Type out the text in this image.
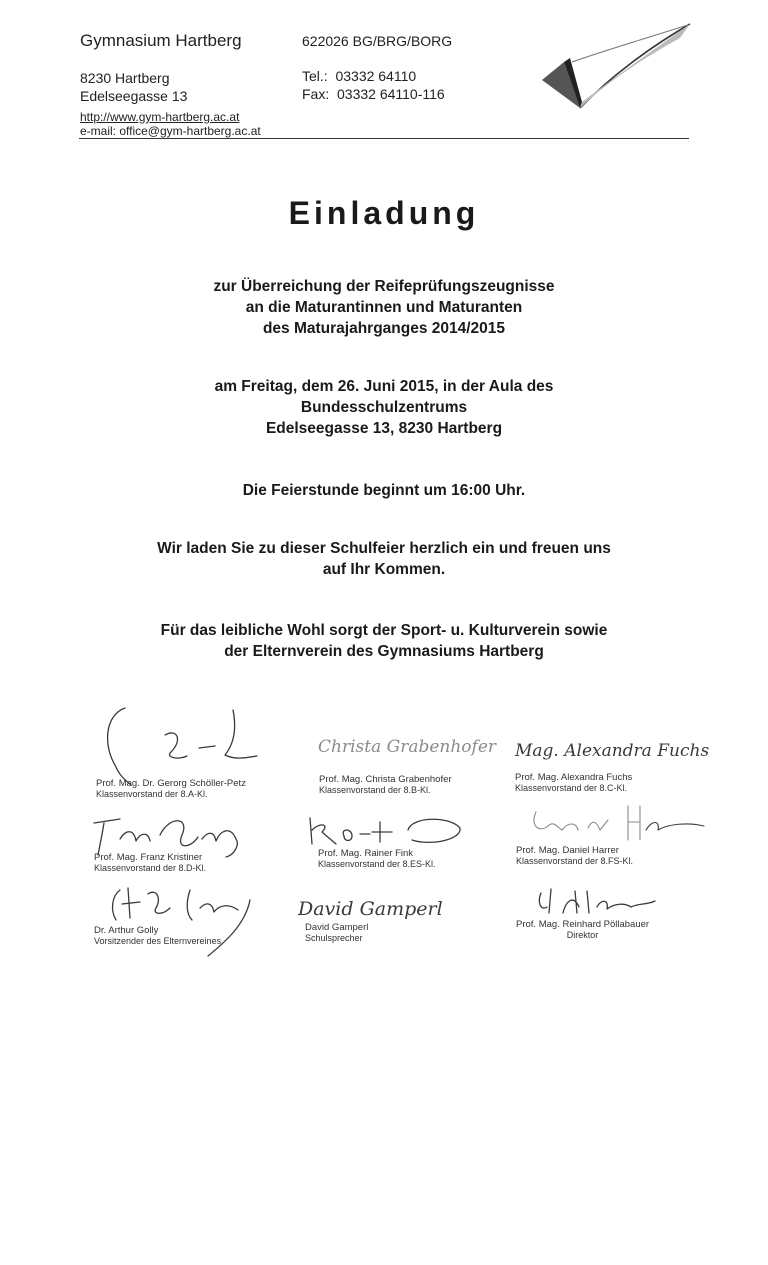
Gymnasium Hartberg	622026 BG/BRG/BORG
8230 Hartberg
Edelseegasse 13
Tel.:  03332 64110
Fax:  03332 64110-116
http://www.gym-hartberg.ac.at
e-mail: office@gym-hartberg.ac.at
Einladung
zur Überreichung der Reifeprüfungszeugnisse
an die Maturantinnen und Maturanten
des Maturajahrganges 2014/2015
am Freitag, dem 26. Juni 2015, in der Aula des
Bundesschulzentrums
Edelseegasse 13, 8230 Hartberg
Die Feierstunde beginnt um 16:00 Uhr.
Wir laden Sie zu dieser Schulfeier herzlich ein und freuen uns
auf Ihr Kommen.
Für das leibliche Wohl sorgt der Sport- u. Kulturverein sowie
der Elternverein des Gymnasiums Hartberg
Christa Grabenhofer Mag. Alexandra Fuchs
David Gamperl
Prof. Mag. Dr. Gerorg Schöller-Petz
Klassenvorstand der 8.A-Kl.
Prof. Mag. Christa Grabenhofer
Klassenvorstand der 8.B-Kl.
Prof. Mag. Alexandra Fuchs
Klassenvorstand der 8.C-Kl.
Prof. Mag. Franz Kristiner
Klassenvorstand der 8.D-Kl.
Prof. Mag. Rainer Fink
Klassenvorstand der 8.ES-Kl.
Prof. Mag. Daniel Harrer
Klassenvorstand der 8.FS-Kl.
Dr. Arthur Golly
Vorsitzender des Elternvereines
David Gamperl
Schulsprecher
Prof. Mag. Reinhard Pöllabauer
Direktor
